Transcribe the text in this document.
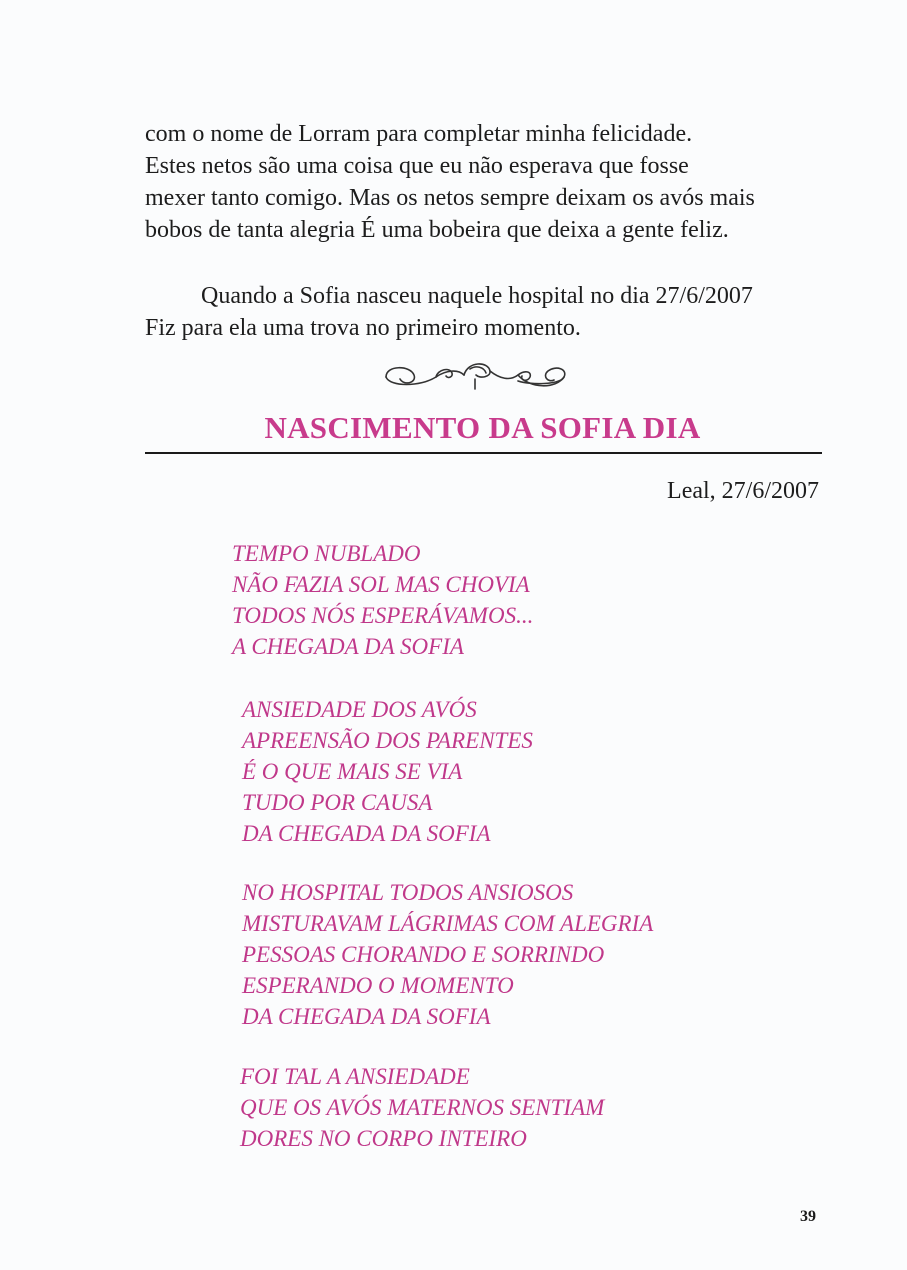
com o nome de Lorram para completar minha felicidade.
Estes netos são uma coisa que eu não esperava que fosse
mexer tanto comigo. Mas os netos sempre deixam os avós mais
bobos de tanta alegria É uma bobeira que deixa a gente feliz.

Quando a Sofia nasceu naquele hospital no dia 27/6/2007
Fiz para ela uma trova no primeiro momento.

NASCIMENTO DA SOFIA DIA
Leal, 27/6/2007
TEMPO NUBLADO
NÃO FAZIA SOL MAS CHOVIA
TODOS NÓS ESPERÁVAMOS...
A CHEGADA DA SOFIA
ANSIEDADE DOS AVÓS
APREENSÃO DOS PARENTES
É O QUE MAIS SE VIA
TUDO POR CAUSA
DA CHEGADA DA SOFIA
NO HOSPITAL TODOS ANSIOSOS
MISTURAVAM LÁGRIMAS COM ALEGRIA
PESSOAS CHORANDO E SORRINDO
ESPERANDO O MOMENTO
DA CHEGADA DA SOFIA
FOI TAL A ANSIEDADE
QUE OS AVÓS MATERNOS SENTIAM
DORES NO CORPO INTEIRO
39
